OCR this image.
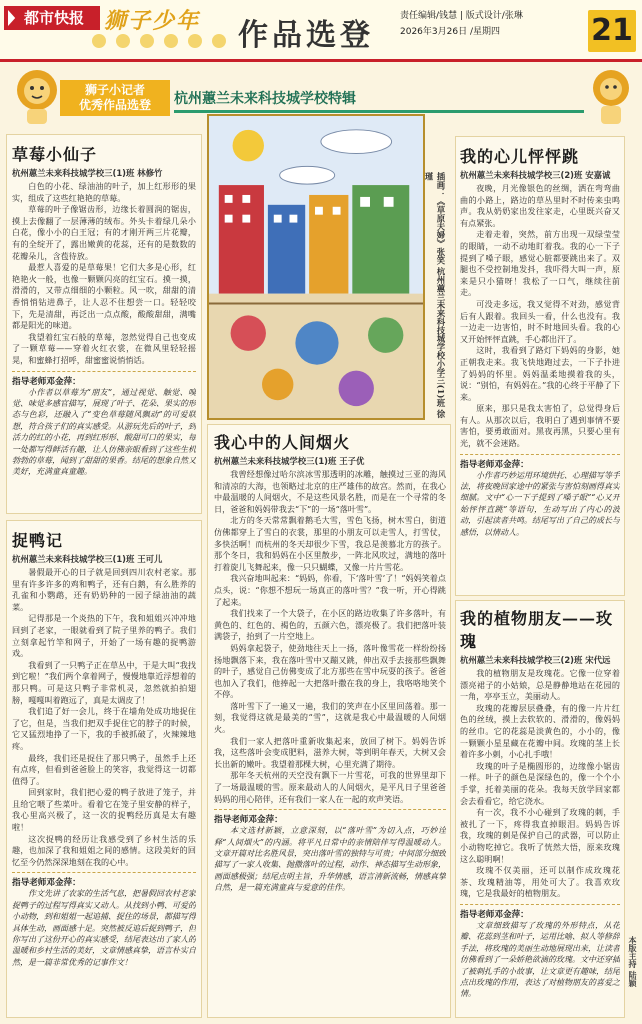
都市快报 狮子少年 作品选登
责任编辑/钱慧 | 版式设计/张琳
2026年3月26日 /星期四	21
狮子小记者
优秀作品选登	杭州蕙兰未来科技城学校特辑
草莓小仙子
杭州蕙兰未来科技城学校三(1)班 林修竹

白色的小花、绿油油的叶子，加上红形形的果实，组成了这些红艳艳的草莓。

草莓的叶子像锯齿形，边缘长着圆润的锯齿，摸上去像翻了一层薄薄的绒布。外头卡着绿几朵小白花，像小小的白王冠；有的才刚开两三片花瓣，有的全绽开了，露出嫩黄的花蕊，还有的是数数的花瓣朵儿，含苞待放。

最惹人喜爱的是草莓果！它们大多是心形，红艳艳火一般，也像一颗颗闪亮的红宝石。摸一摸，滑滑的，又带点细细的小颗粒。风一吹，甜甜的清香悄悄钻进鼻子，让人忍不住想尝一口。轻轻咬下，先是清甜，再泛出一点点酸，酸酸甜甜，满嘴都是阳光的味道。

我望着红宝石般的草莓，忽然觉得自己也变成了一颗草莓——穿着火红衣裳，在微风里轻轻摇晃，和蜜蜂打招呼，甜蜜蜜说悄悄话。

指导老师邓金萍：

小作者以草莓为“朋友”，通过视觉、触觉、嗅觉、味觉多感官描写，展现了叶子、花朵、果实的形态与色彩，还融入了“变色草莓随风飘动”的可爱联想，符合孩子们的真实感受。从游玩先后的叶子，到活力的红的小花，再到红形形、酸甜可口的果实，每一处都写得鲜活有趣，让人仿佛亲眼看到了这些生机勃勃的草莓，闻到了甜甜的果香。结尾的想象自然又美好，充满童真童趣。

捉鸭记
杭州蕙兰未来科技城学校三(1)班 王可儿

暑假最开心的日子就是回到四川农村老家。那里有许多许多的鸡和鸭子，还有白鹅，有么胜养的孔雀和小鹦鹉，还有奶奶种的一园子绿油油的蔬菜。

记得那是一个炎热的下午，我和姐姐兴冲冲地回到了老家，一眼就看到了院子里养的鸭子。我们立刻拿起竹竿和网子，开始了一场有趣的捉鸭游戏。

我看到了一只鸭子正在草丛中，于是大叫“我找到它啦！”我们两个拿着网子，慢慢地靠近浮想着的那只鸭。可是这只鸭子非常机灵，忽然就拍拍翅膀，嘎嘎叫着跑远了，真是太调皮了！

我们追了好一会儿，终于在墙角处成功地捉住了它，但是，当我们把双手捉住它的脖子的时候，它又猛烈地挣了一下，我的手被抓破了，火辣辣地疼。

最终，我们还是捉住了那只鸭子，虽然手上还有点疼，但看到爸爸脸上的笑容，我觉得这一切都值得了。

回到家时，我们把心爱的鸭子放进了笼子，并且给它喂了些菜叶。看着它在笼子里安静的样子，我心里高兴极了，这一次的捉鸭经历真是太有趣啦！

这次捉鸭的经历让我感受到了乡村生活的乐趣，也加深了我和姐姐之间的感情。这段美好的回忆至今仍然深深地刻在我的心中。

指导老师邓金萍：

作文先讲了农家的生活气息，把暑假回农村老家捉鸭子的过程写得真实又动人。从找到小鸭、可爱的小动物，到和姐姐一起追捕、捉住的场景，都描写得具体生动，画面感十足。突然被反追后捉到鸭子，但你写出了这份开心的真实感受，结尾表达出了家人的温暖和乡村生活的美好，文章情感真挚，语言朴实自然，是一篇非常优秀的记事作文！

插画：《草原夫婦》张笑 杭州蕙兰未来科技城学校小学三(1)班 徐瑾
我心中的人间烟火
杭州蕙兰未来科技城学校三(1)班 王子优

我曾经想像过哈尔滨冰雪那透明的冰雕，触摸过三亚的海风和清凉的大海，也领略过北京的庄严雄伟的故宫。然而，在我心中最温暖的人间烟火，不是这些风景名胜，而是在一个寻常的冬日，爸爸和妈妈带我去“下”的一场“落叶雪”。

北方的冬天常常飘着鹅毛大雪，雪色飞扬，树木雪白，街道仿佛都穿上了雪白的衣裳，那里的小朋友可以走雪人，打雪仗，多快活啊！而杭州的冬天却很少下雪，我总是羡慕北方的孩子。那个冬日，我和妈妈在小区里散步，一阵北风吹过，满地的落叶打着旋儿飞舞起来，像一只只蝴蝶，又像一片片雪花。

我兴奋地叫起来：“妈妈，你看，下‘落叶雪’了！”妈妈笑着点点头，说：“你想不想玩一场真正的落叶雪？”我一听，开心得跳了起来。

我们找来了一个大袋子，在小区的路边收集了许多落叶，有黄色的、红色的、褐色的，五颜六色，漂亮极了。我们把落叶装满袋子，抬到了一片空地上。

妈妈拿起袋子，使劲地往天上一扬，落叶像雪花一样纷纷扬扬地飘落下来，我在落叶雪中又蹦又跳，伸出双手去接那些飘舞的叶子，感觉自己仿佛变成了北方那些在雪中玩耍的孩子。爸爸也加入了我们，他捧起一大把落叶撒在我的身上，我咯咯地笑个不停。

落叶雪下了一遍又一遍，我们的笑声在小区里回荡着。那一刻，我觉得这就是最美的“雪”，这就是我心中最温暖的人间烟火。

我们一家人把落叶重新收集起来，放回了树下。妈妈告诉我，这些落叶会变成肥料，滋养大树，等到明年春天，大树又会长出新的嫩叶。我望着那棵大树，心里充满了期待。

那年冬天杭州的天空没有飘下一片雪花，可我的世界里却下了一场最温暖的雪。原来最动人的人间烟火，是平凡日子里爸爸妈妈的用心陪伴，还有我们一家人在一起的欢声笑语。

指导老师邓金萍：

本文选材新颖，立意深刻，以“落叶雪”为切入点，巧妙诠释“人间烟火”的内涵。将平凡日常中的亲情陪伴写得温暖动人。文章开篇对比名胜风景，突出落叶雪的独特与可贵；中间部分细致描写了一家人收集、抛撒落叶的过程，动作、神态描写生动形象，画面感极强；结尾点明主旨，升华情感，语言清新流畅，情感真挚自然，是一篇充满童真与爱意的佳作。

我的心儿怦怦跳
杭州蕙兰未来科技城学校三(2)班 安嘉诚

夜晚，月光像银色的丝绸，洒在弯弯曲曲的小路上，路边的草丛里时不时传来虫鸣声。我从奶奶家出发往家走，心里既兴奋又有点紧张。

走着走着，突然，前方出现一双绿莹莹的眼睛，一动不动地盯着我。我的心一下子提到了嗓子眼，感觉心脏都要跳出来了。双腿也不受控制地发抖，我吓得大叫一声，原来是只小猫呀！我松了一口气，继续往前走。

可没走多远，我又觉得不对劲，感觉背后有人跟着。我回头一看，什么也没有。我一边走一边害怕，时不时地回头看。我的心又开始怦怦直跳，手心都出汗了。

这时，我看到了路灯下妈妈的身影，她正朝我走来。我飞快地跑过去，一下子扑进了妈妈的怀里。妈妈温柔地摸着我的头，说：“别怕，有妈妈在。”我的心终于平静了下来。

原来，那只是我太害怕了，总觉得身后有人。从那次以后，我明白了遇到事情不要害怕，要勇敢面对。黑夜再黑，只要心里有光，就不会迷路。

指导老师邓金萍：

小作者巧妙运用环境烘托、心理描写等手法，将夜晚回家途中的紧张与害怕刻画得真实细腻。文中“心一下子提到了嗓子眼”“心又开始怦怦直跳”等语句，生动写出了内心的波动，引起读者共鸣。结尾写出了自己的成长与感悟，以情动人。

我的植物朋友——玫瑰
杭州蕙兰未来科技城学校三(2)班 宋代远

我的植物朋友是玫瑰花。它像一位穿着漂亮裙子的小姑娘，总是静静地站在花园的一角，亭亭玉立，美丽动人。

玫瑰的花瓣层层叠叠，有的像一片片红色的丝绒，摸上去软软的、滑滑的，像妈妈的丝巾。它的花蕊是淡黄色的，小小的，像一颗颗小星星藏在花瓣中间。玫瑰的茎上长着许多小刺，小心扎手哦！

玫瑰的叶子是椭圆形的，边缘像小锯齿一样。叶子的颜色是深绿色的，像一个个小手掌，托着美丽的花朵。我每天放学回家都会去看看它，给它浇水。

有一次，我不小心碰到了玫瑰的刺，手被扎了一下，疼得我直掉眼泪。妈妈告诉我，玫瑰的刺是保护自己的武器，可以防止小动物吃掉它。我听了恍然大悟，原来玫瑰这么聪明啊！

玫瑰不仅美丽，还可以制作成玫瑰花茶、玫瑰精油等，用处可大了。我喜欢玫瑰，它是我最好的植物朋友。

指导老师邓金萍：

文章细致描写了玫瑰的外形特点，从花瓣、花蕊到茎和叶子，运用比喻、拟人等修辞手法，将玫瑰的美丽生动地展现出来，让读者仿佛看到了一朵娇艳欲滴的玫瑰。文中还穿插了被刺扎手的小故事，让文章更有趣味，结尾点出玫瑰的作用，表达了对植物朋友的喜爱之情。

本版主持 陆颖
